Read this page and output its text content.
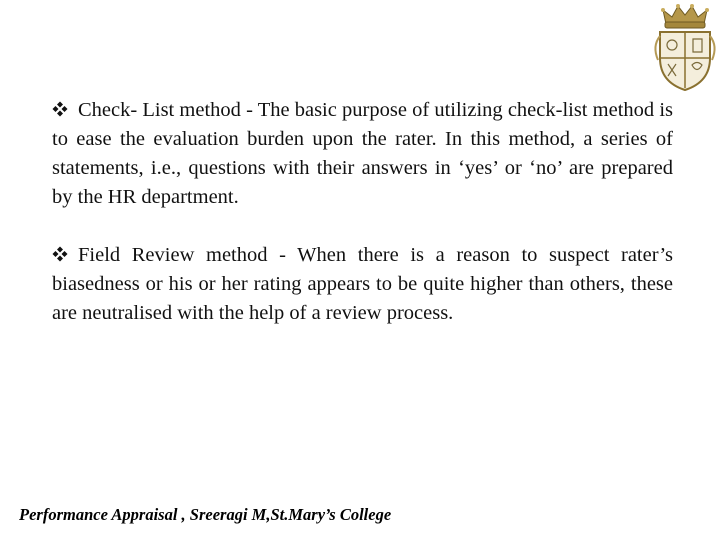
Check- List method - The basic purpose of utilizing check-list method is to ease the evaluation burden upon the rater. In this method, a series of statements, i.e., questions with their answers in ‘yes’ or ‘no’ are prepared by the HR department.

Field Review method - When there is a reason to suspect rater’s biasedness or his or her rating appears to be quite higher than others, these are neutralised with the help of a review process.

Performance Appraisal , Sreeragi M,St.Mary’s College
